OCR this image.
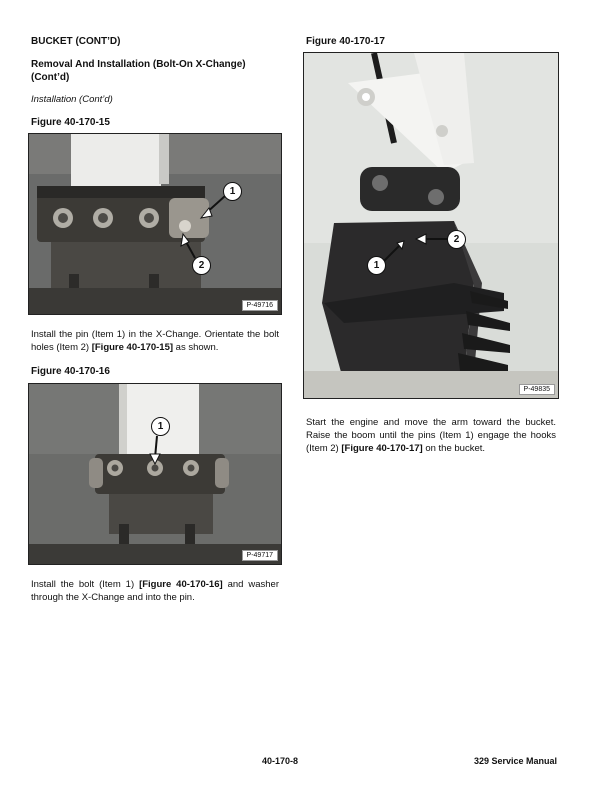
BUCKET (CONT’D)
Removal And Installation (Bolt-On X-Change)
(Cont’d)
Installation (Cont’d)
Figure 40-170-15
1
2
P-49716
Install the pin (Item 1) in the X-Change. Orientate the bolt holes (Item 2) [Figure 40-170-15] as shown.
Figure 40-170-16
1
P-49717
Install the bolt (Item 1) [Figure 40-170-16] and washer through the X-Change and into the pin.
Figure 40-170-17
2
1
P-49835
Start the engine and move the arm toward the bucket. Raise the boom until the pins (Item 1) engage the hooks (Item 2) [Figure 40-170-17] on the bucket.
40-170-8	329 Service Manual
